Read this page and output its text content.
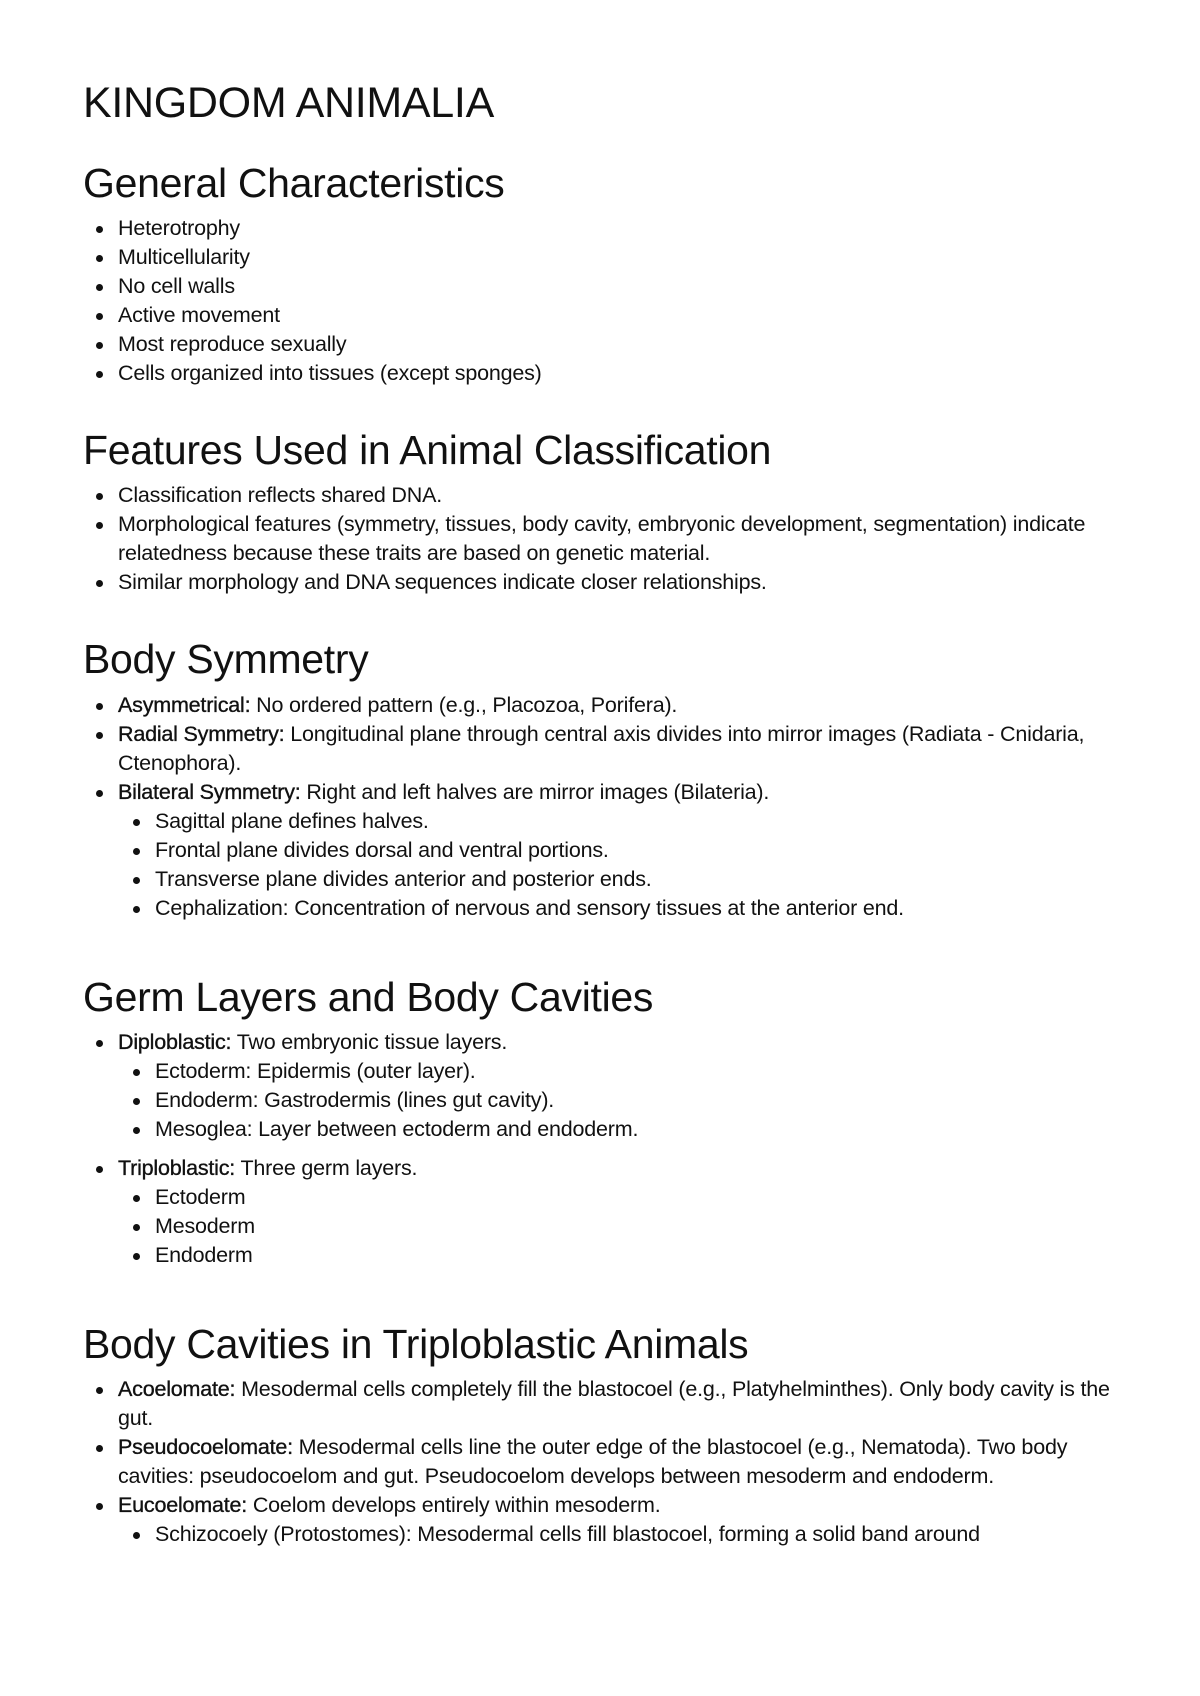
KINGDOM ANIMALIA
General Characteristics
Heterotrophy
Multicellularity
No cell walls
Active movement
Most reproduce sexually
Cells organized into tissues (except sponges)
Features Used in Animal Classification
Classification reflects shared DNA.
Morphological features (symmetry, tissues, body cavity, embryonic development, segmentation) indicate relatedness because these traits are based on genetic material.
Similar morphology and DNA sequences indicate closer relationships.
Body Symmetry
Asymmetrical: No ordered pattern (e.g., Placozoa, Porifera).
Radial Symmetry: Longitudinal plane through central axis divides into mirror images (Radiata - Cnidaria, Ctenophora).
Bilateral Symmetry: Right and left halves are mirror images (Bilateria).
Sagittal plane defines halves.
Frontal plane divides dorsal and ventral portions.
Transverse plane divides anterior and posterior ends.
Cephalization: Concentration of nervous and sensory tissues at the anterior end.
Germ Layers and Body Cavities
Diploblastic: Two embryonic tissue layers.
Ectoderm: Epidermis (outer layer).
Endoderm: Gastrodermis (lines gut cavity).
Mesoglea: Layer between ectoderm and endoderm.
Triploblastic: Three germ layers.
Ectoderm
Mesoderm
Endoderm
Body Cavities in Triploblastic Animals
Acoelomate: Mesodermal cells completely fill the blastocoel (e.g., Platyhelminthes). Only body cavity is the gut.
Pseudocoelomate: Mesodermal cells line the outer edge of the blastocoel (e.g., Nematoda). Two body cavities: pseudocoelom and gut. Pseudocoelom develops between mesoderm and endoderm.
Eucoelomate: Coelom develops entirely within mesoderm.
Schizocoely (Protostomes): Mesodermal cells fill blastocoel, forming a solid band around
